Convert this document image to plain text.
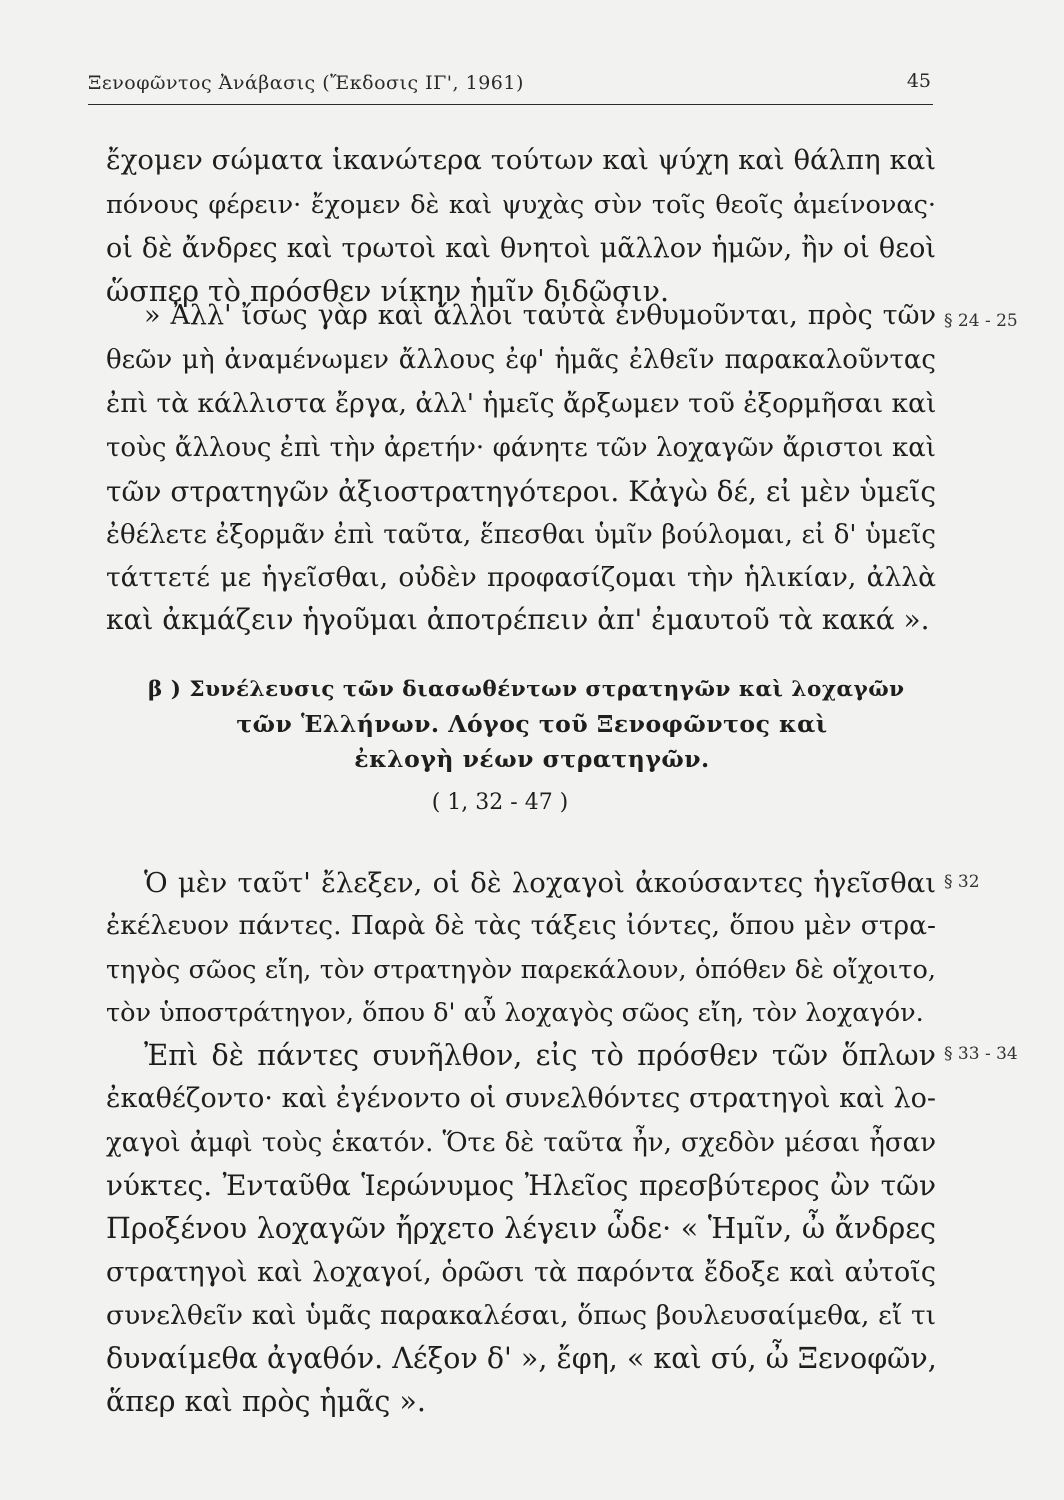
Ξενοφῶντος Ἀνάβασις (Ἔκδοσις ΙΓ', 1961)	45
ἔχομεν σώματα ἱκανώτερα τούτων καὶ ψύχη καὶ θάλπη καὶ
πόνους φέρειν· ἔχομεν δὲ καὶ ψυχὰς σὺν τοῖς θεοῖς ἀμείνονας·
οἱ δὲ ἄνδρες καὶ τρωτοὶ καὶ θνητοὶ μᾶλλον ἡμῶν, ἢν οἱ θεοὶ
ὥσπερ τὸ πρόσθεν νίκην ἡμῖν διδῶσιν.
» Ἀλλ' ἴσως γὰρ καὶ ἄλλοι ταὐτὰ ἐνθυμοῦνται, πρὸς τῶν § 24 - 25
θεῶν μὴ ἀναμένωμεν ἄλλους ἐφ' ἡμᾶς ἐλθεῖν παρακαλοῦντας
ἐπὶ τὰ κάλλιστα ἔργα, ἀλλ' ἡμεῖς ἄρξωμεν τοῦ ἐξορμῆσαι καὶ
τοὺς ἄλλους ἐπὶ τὴν ἀρετήν· φάνητε τῶν λοχαγῶν ἄριστοι καὶ
τῶν στρατηγῶν ἀξιοστρατηγότεροι. Κἀγὼ δέ, εἰ μὲν ὑμεῖς
ἐθέλετε ἐξορμᾶν ἐπὶ ταῦτα, ἕπεσθαι ὑμῖν βούλομαι, εἰ δ' ὑμεῖς
τάττετέ με ἡγεῖσθαι, οὐδὲν προφασίζομαι τὴν ἡλικίαν, ἀλλὰ
καὶ ἀκμάζειν ἡγοῦμαι ἀποτρέπειν ἀπ' ἐμαυτοῦ τὰ κακά ».
β ) Συνέλευσις τῶν διασωθέντων στρατηγῶν καὶ λοχαγῶν
τῶν Ἑλλήνων. Λόγος τοῦ Ξενοφῶντος καὶ
ἐκλογὴ νέων στρατηγῶν.
( 1, 32 - 47 )
Ὁ μὲν ταῦτ' ἔλεξεν, οἱ δὲ λοχαγοὶ ἀκούσαντες ἡγεῖσθαι § 32
ἐκέλευον πάντες. Παρὰ δὲ τὰς τάξεις ἰόντες, ὅπου μὲν στρα-
τηγὸς σῶος εἴη, τὸν στρατηγὸν παρεκάλουν, ὁπόθεν δὲ οἴχοιτο,
τὸν ὑποστράτηγον, ὅπου δ' αὖ λοχαγὸς σῶος εἴη, τὸν λοχαγόν.
Ἐπὶ δὲ πάντες συνῆλθον, εἰς τὸ πρόσθεν τῶν ὅπλων § 33 - 34
ἐκαθέζοντο· καὶ ἐγένοντο οἱ συνελθόντες στρατηγοὶ καὶ λο-
χαγοὶ ἀμφὶ τοὺς ἑκατόν. Ὅτε δὲ ταῦτα ἦν, σχεδὸν μέσαι ἦσαν
νύκτες. Ἐνταῦθα Ἱερώνυμος Ἠλεῖος πρεσβύτερος ὢν τῶν
Προξένου λοχαγῶν ἤρχετο λέγειν ὧδε· « Ἡμῖν, ὦ ἄνδρες
στρατηγοὶ καὶ λοχαγοί, ὁρῶσι τὰ παρόντα ἔδοξε καὶ αὐτοῖς
συνελθεῖν καὶ ὑμᾶς παρακαλέσαι, ὅπως βουλευσαίμεθα, εἴ τι
δυναίμεθα ἀγαθόν. Λέξον δ' », ἔφη, « καὶ σύ, ὦ Ξενοφῶν,
ἅπερ καὶ πρὸς ἡμᾶς ».
